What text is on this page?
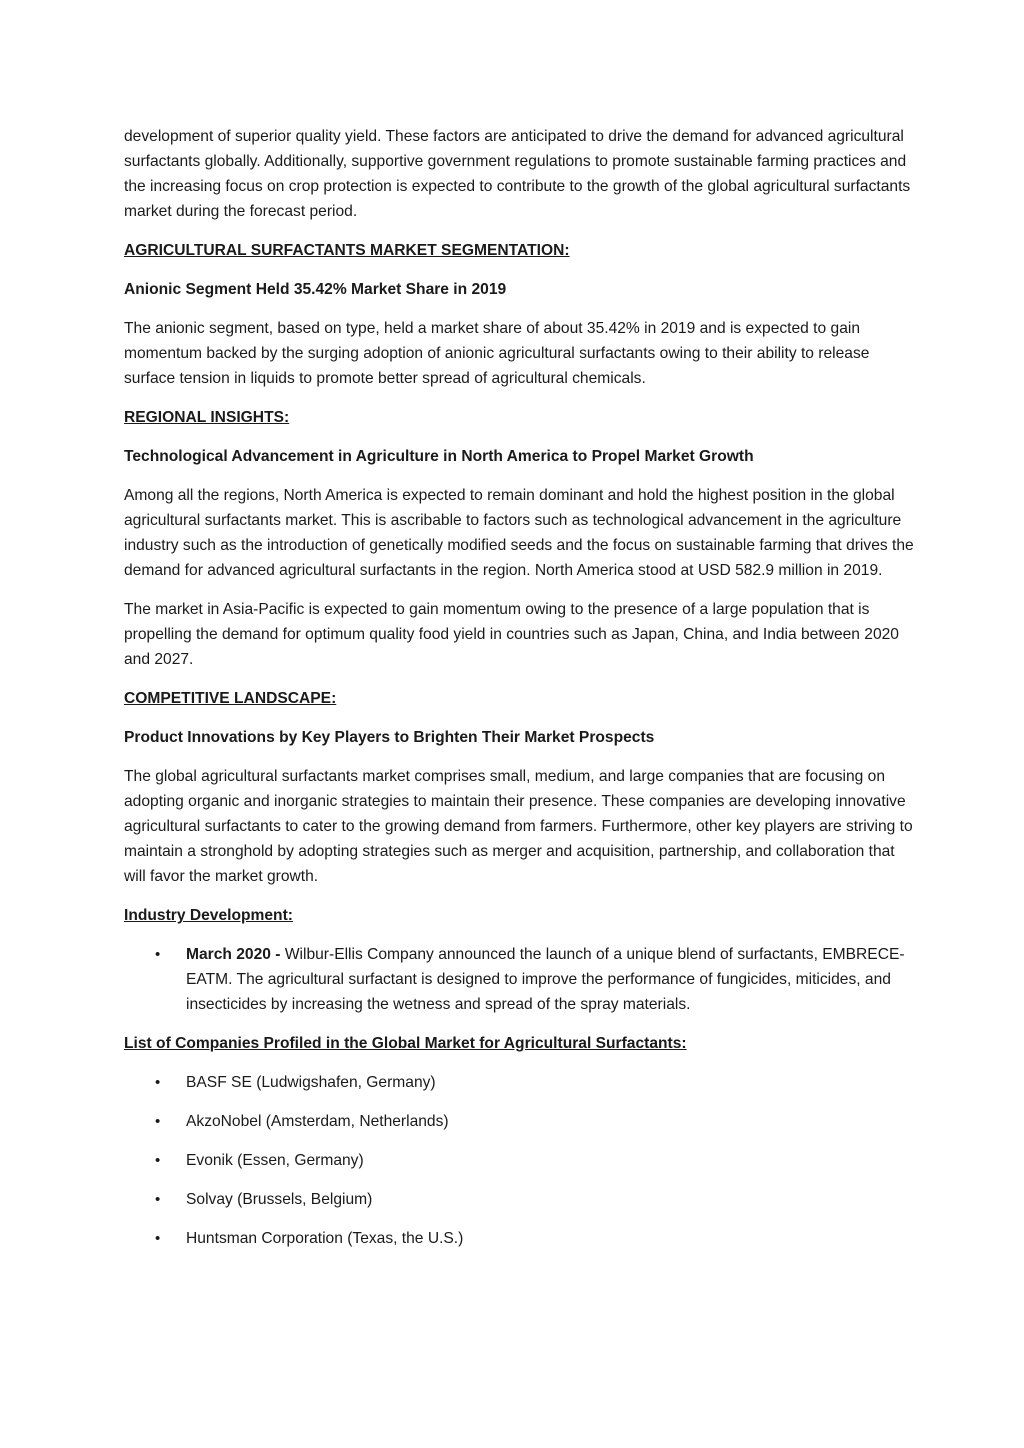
development of superior quality yield. These factors are anticipated to drive the demand for advanced agricultural surfactants globally. Additionally, supportive government regulations to promote sustainable farming practices and the increasing focus on crop protection is expected to contribute to the growth of the global agricultural surfactants market during the forecast period.

AGRICULTURAL SURFACTANTS MARKET SEGMENTATION:

Anionic Segment Held 35.42% Market Share in 2019

The anionic segment, based on type, held a market share of about 35.42% in 2019 and is expected to gain momentum backed by the surging adoption of anionic agricultural surfactants owing to their ability to release surface tension in liquids to promote better spread of agricultural chemicals.

REGIONAL INSIGHTS:

Technological Advancement in Agriculture in North America to Propel Market Growth

Among all the regions, North America is expected to remain dominant and hold the highest position in the global agricultural surfactants market. This is ascribable to factors such as technological advancement in the agriculture industry such as the introduction of genetically modified seeds and the focus on sustainable farming that drives the demand for advanced agricultural surfactants in the region. North America stood at USD 582.9 million in 2019.

The market in Asia-Pacific is expected to gain momentum owing to the presence of a large population that is propelling the demand for optimum quality food yield in countries such as Japan, China, and India between 2020 and 2027.

COMPETITIVE LANDSCAPE:

Product Innovations by Key Players to Brighten Their Market Prospects

The global agricultural surfactants market comprises small, medium, and large companies that are focusing on adopting organic and inorganic strategies to maintain their presence. These companies are developing innovative agricultural surfactants to cater to the growing demand from farmers. Furthermore, other key players are striving to maintain a stronghold by adopting strategies such as merger and acquisition, partnership, and collaboration that will favor the market growth.

Industry Development:

• March 2020 - Wilbur-Ellis Company announced the launch of a unique blend of surfactants, EMBRECE-EATM. The agricultural surfactant is designed to improve the performance of fungicides, miticides, and insecticides by increasing the wetness and spread of the spray materials.

List of Companies Profiled in the Global Market for Agricultural Surfactants:

• BASF SE (Ludwigshafen, Germany)
• AkzoNobel (Amsterdam, Netherlands)
• Evonik (Essen, Germany)
• Solvay (Brussels, Belgium)
• Huntsman Corporation (Texas, the U.S.)
